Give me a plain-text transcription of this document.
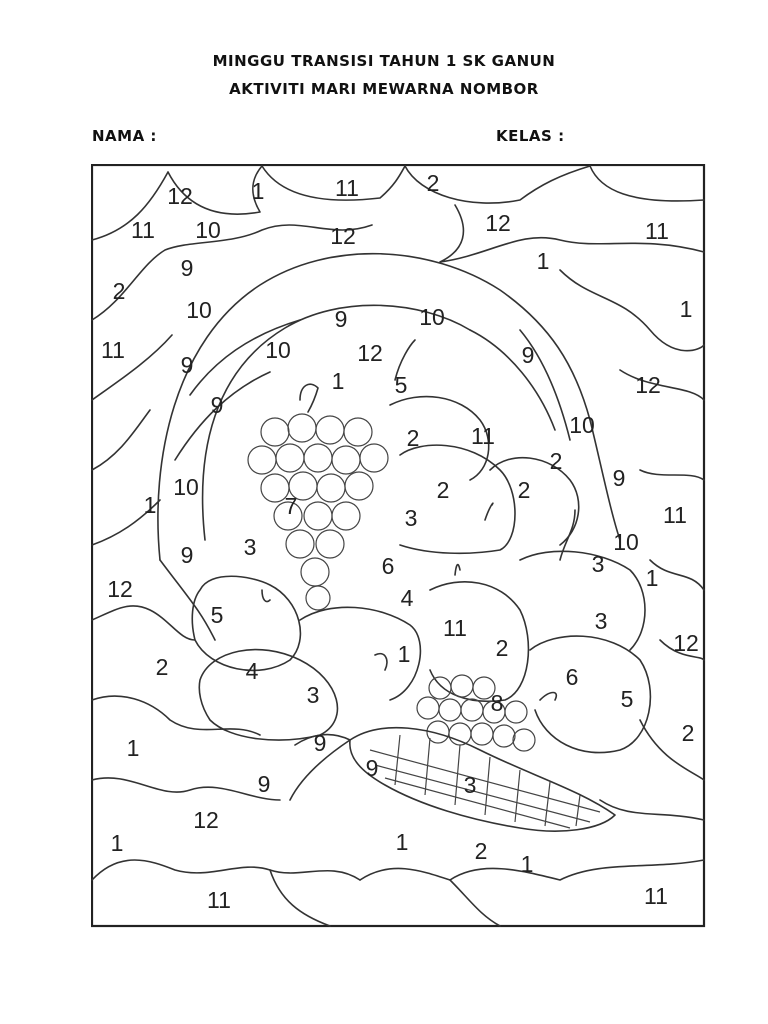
MINGGU TRANSISI TAHUN 1 SK GANUN
AKTIVITI MARI MEWARNA NOMBOR
NAMA :	KELAS :
12	1	11	2
11 10	12	12	11
9	1
2
10	9	10	1
11
9
10	12	9
1 5	12
9
10
2 11
2
9
1
10	2	2
7	3	11
9 3	10
6	3
12	1
4
5	11	3
12
2	4
1	2
6
3	8	5
1	9	2
9
9
3
12
1	1	2 1
11	11
